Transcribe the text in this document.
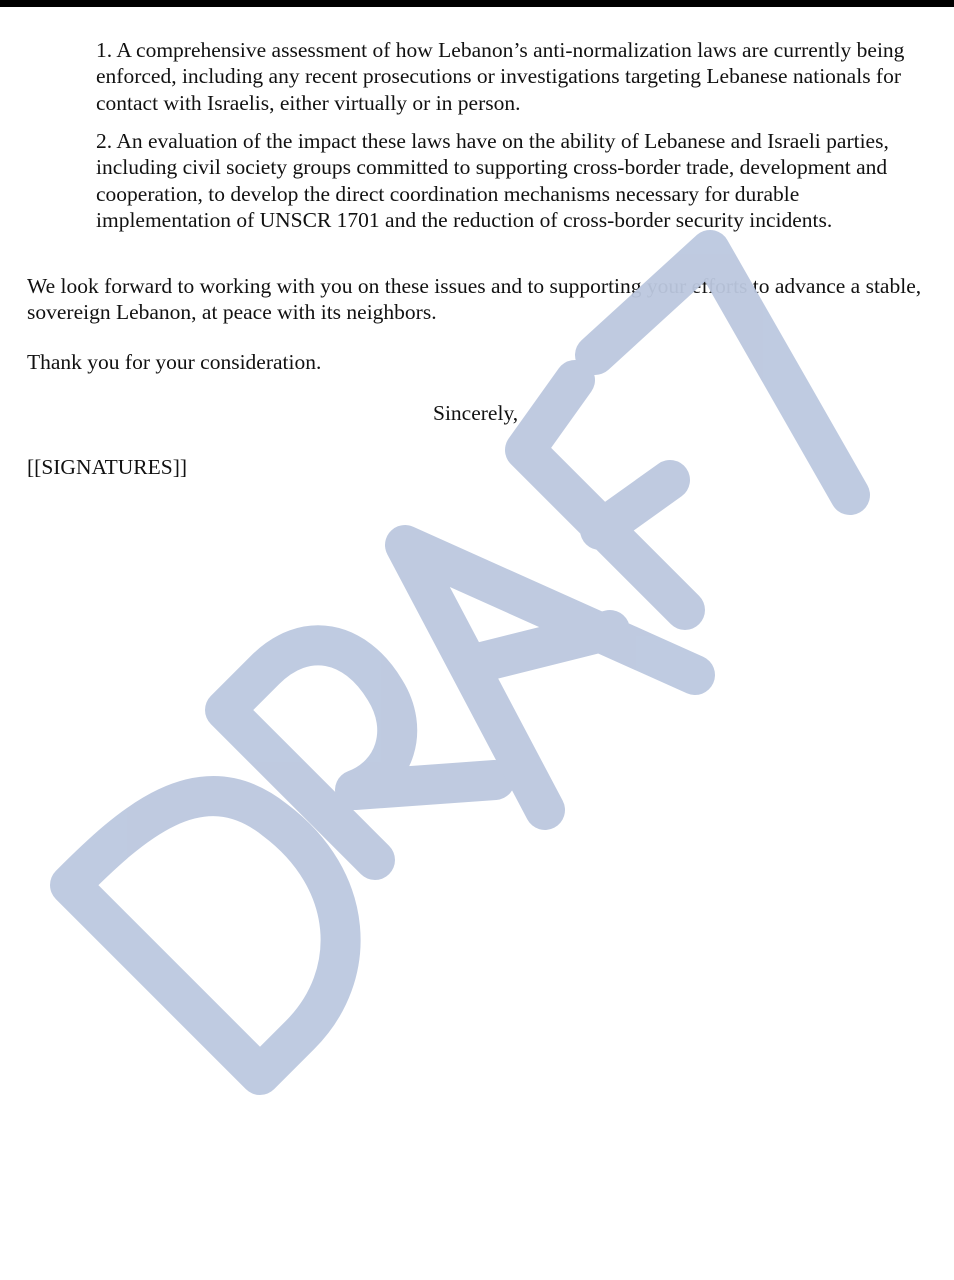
1. A comprehensive assessment of how Lebanon’s anti-normalization laws are currently being enforced, including any recent prosecutions or investigations targeting Lebanese nationals for contact with Israelis, either virtually or in person.

2. An evaluation of the impact these laws have on the ability of Lebanese and Israeli parties, including civil society groups committed to supporting cross-border trade, development and cooperation, to develop the direct coordination mechanisms necessary for durable implementation of UNSCR 1701 and the reduction of cross-border security incidents.

We look forward to working with you on these issues and to supporting your efforts to advance a stable, sovereign Lebanon, at peace with its neighbors.

Thank you for your consideration.

Sincerely,
[[SIGNATURES]]
